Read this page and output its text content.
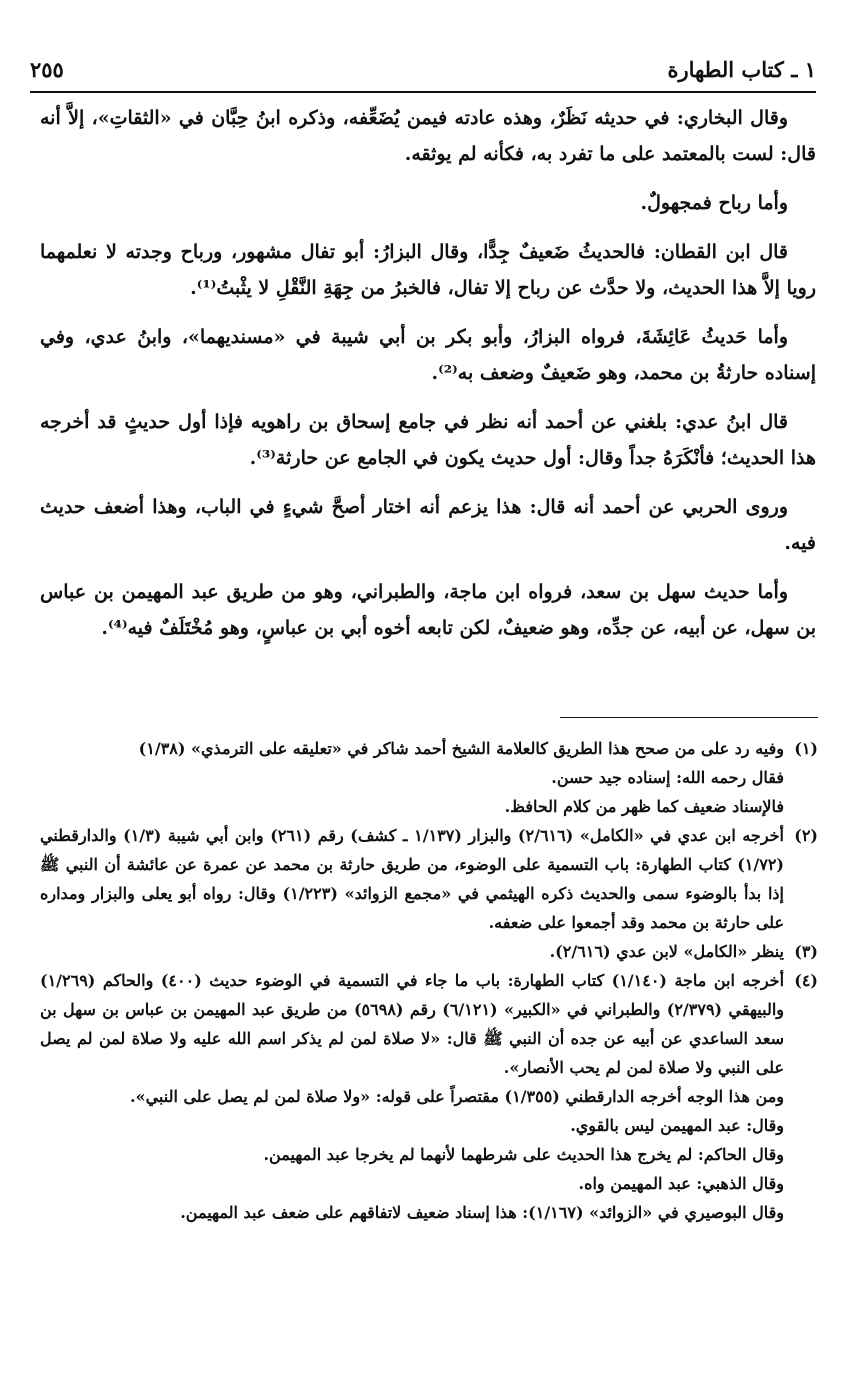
١ ـ كتاب الطهارة
٢٥٥

وقال البخاري: في حديثه نَظَرٌ، وهذه عادته فيمن يُضَعِّفه، وذكره ابنُ حِبَّان في «الثقاتِ»، إلاَّ أنه قال: لست بالمعتمد على ما تفرد به، فكأنه لم يوثقه.

وأما رباح فمجهولٌ.

قال ابن القطان: فالحديثُ ضَعيفٌ جِدًّا، وقال البزارُ: أبو تفال مشهور، ورباح وجدته لا نعلمهما رويا إلاَّ هذا الحديث، ولا حدَّث عن رباح إلا تفال، فالخبرُ من جِهَةِ النَّقْلِ لا يثْبتُ⁽¹⁾.

وأما حَديثُ عَائِشَةَ، فرواه البزارُ، وأبو بكر بن أبي شيبة في «مسنديهما»، وابنُ عدي، وفي إسناده حارثةُ بن محمد، وهو ضَعيفٌ وضعف به⁽²⁾.

قال ابنُ عدي: بلغني عن أحمد أنه نظر في جامع إسحاق بن راهويه فإذا أول حديثٍ قد أخرجه هذا الحديث؛ فأنْكَرَهُ جداً وقال: أول حديث يكون في الجامع عن حارثة⁽³⁾.

وروى الحربي عن أحمد أنه قال: هذا يزعم أنه اختار أصحَّ شيءٍ في الباب، وهذا أضعف حديث فيه.

وأما حديث سهل بن سعد، فرواه ابن ماجة، والطبراني، وهو من طريق عبد المهيمن بن عباس بن سهل، عن أبيه، عن جدِّه، وهو ضعيفٌ، لكن تابعه أخوه أبي بن عباسٍ، وهو مُخْتَلَفٌ فيه⁽⁴⁾.

(١)
وفيه رد على من صحح هذا الطريق كالعلامة الشيخ أحمد شاكر في «تعليقه على الترمذي» (١/٣٨)
فقال رحمه الله: إسناده جيد حسن.
فالإسناد ضعيف كما ظهر من كلام الحافظ.
(٢)
أخرجه ابن عدي في «الكامل» (٢/٦١٦) والبزار (١/١٣٧ ـ كشف) رقم (٢٦١) وابن أبي شيبة (١/٣) والدارقطني (١/٧٢) كتاب الطهارة: باب التسمية على الوضوء، من طريق حارثة بن محمد عن عمرة عن عائشة أن النبي ﷺ إذا بدأ بالوضوء سمى والحديث ذكره الهيثمي في «مجمع الزوائد» (١/٢٢٣) وقال: رواه أبو يعلى والبزار ومداره على حارثة بن محمد وقد أجمعوا على ضعفه.
(٣)
ينظر «الكامل» لابن عدي (٢/٦١٦).
(٤)
أخرجه ابن ماجة (١/١٤٠) كتاب الطهارة: باب ما جاء في التسمية في الوضوء حديث (٤٠٠) والحاكم (١/٢٦٩) والبيهقي (٢/٣٧٩) والطبراني في «الكبير» (٦/١٢١) رقم (٥٦٩٨) من طريق عبد المهيمن بن عباس بن سهل بن سعد الساعدي عن أبيه عن جده أن النبي ﷺ قال: «لا صلاة لمن لم يذكر اسم الله عليه ولا صلاة لمن لم يصل على النبي ولا صلاة لمن لم يحب الأنصار».
ومن هذا الوجه أخرجه الدارقطني (١/٣٥٥) مقتصراً على قوله: «ولا صلاة لمن لم يصل على النبي».
وقال: عبد المهيمن ليس بالقوي.
وقال الحاكم: لم يخرج هذا الحديث على شرطهما لأنهما لم يخرجا عبد المهيمن.
وقال الذهبي: عبد المهيمن واه.
وقال البوصيري في «الزوائد» (١/١٦٧): هذا إسناد ضعيف لاتفاقهم على ضعف عبد المهيمن.
